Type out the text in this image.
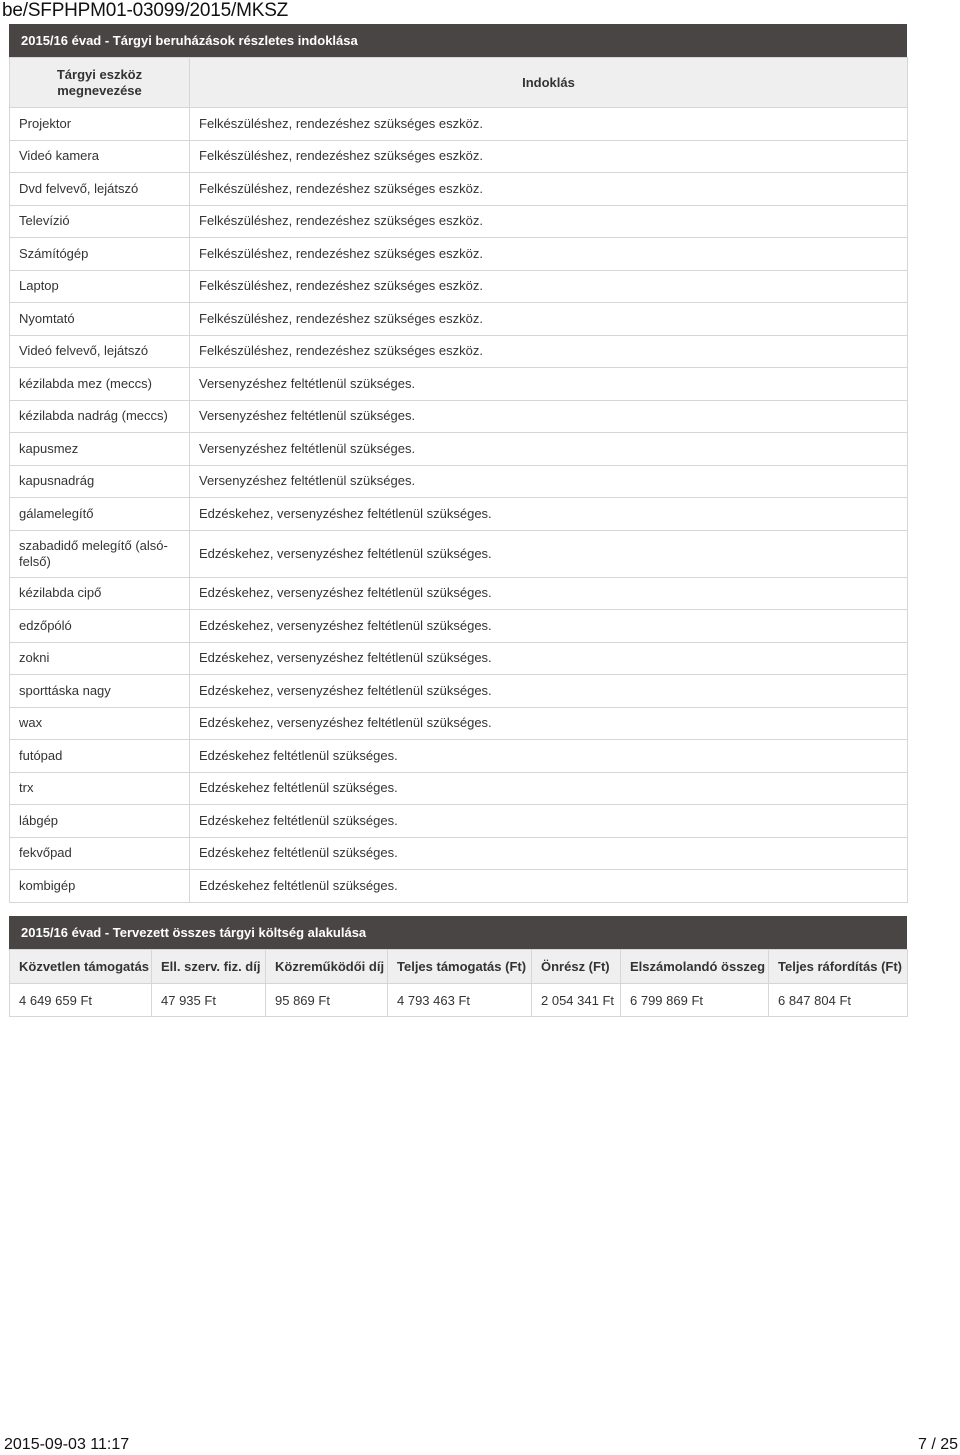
be/SFPHPM01-03099/2015/MKSZ
2015/16 évad - Tárgyi beruházások részletes indoklása
Tárgyi eszköz megnevezése	Indoklás
Projektor	Felkészüléshez, rendezéshez szükséges eszköz.
Videó kamera	Felkészüléshez, rendezéshez szükséges eszköz.
Dvd felvevő, lejátszó	Felkészüléshez, rendezéshez szükséges eszköz.
Televízió	Felkészüléshez, rendezéshez szükséges eszköz.
Számítógép	Felkészüléshez, rendezéshez szükséges eszköz.
Laptop	Felkészüléshez, rendezéshez szükséges eszköz.
Nyomtató	Felkészüléshez, rendezéshez szükséges eszköz.
Videó felvevő, lejátszó	Felkészüléshez, rendezéshez szükséges eszköz.
kézilabda mez (meccs)	Versenyzéshez feltétlenül szükséges.
kézilabda nadrág (meccs)	Versenyzéshez feltétlenül szükséges.
kapusmez	Versenyzéshez feltétlenül szükséges.
kapusnadrág	Versenyzéshez feltétlenül szükséges.
gálamelegítő	Edzéskehez, versenyzéshez feltétlenül szükséges.
szabadidő melegítő (alsó-felső)	Edzéskehez, versenyzéshez feltétlenül szükséges.
kézilabda cipő	Edzéskehez, versenyzéshez feltétlenül szükséges.
edzőpóló	Edzéskehez, versenyzéshez feltétlenül szükséges.
zokni	Edzéskehez, versenyzéshez feltétlenül szükséges.
sporttáska nagy	Edzéskehez, versenyzéshez feltétlenül szükséges.
wax	Edzéskehez, versenyzéshez feltétlenül szükséges.
futópad	Edzéskehez feltétlenül szükséges.
trx	Edzéskehez feltétlenül szükséges.
lábgép	Edzéskehez feltétlenül szükséges.
fekvőpad	Edzéskehez feltétlenül szükséges.
kombigép	Edzéskehez feltétlenül szükséges.
2015/16 évad - Tervezett összes tárgyi költség alakulása
Közvetlen támogatás	Ell. szerv. fiz. díj	Közreműködői díj	Teljes támogatás (Ft)	Önrész (Ft)	Elszámolandó összeg	Teljes ráfordítás (Ft)
4 649 659 Ft	47 935 Ft	95 869 Ft	4 793 463 Ft	2 054 341 Ft	6 799 869 Ft	6 847 804 Ft
2015-09-03 11:17	7 / 25
